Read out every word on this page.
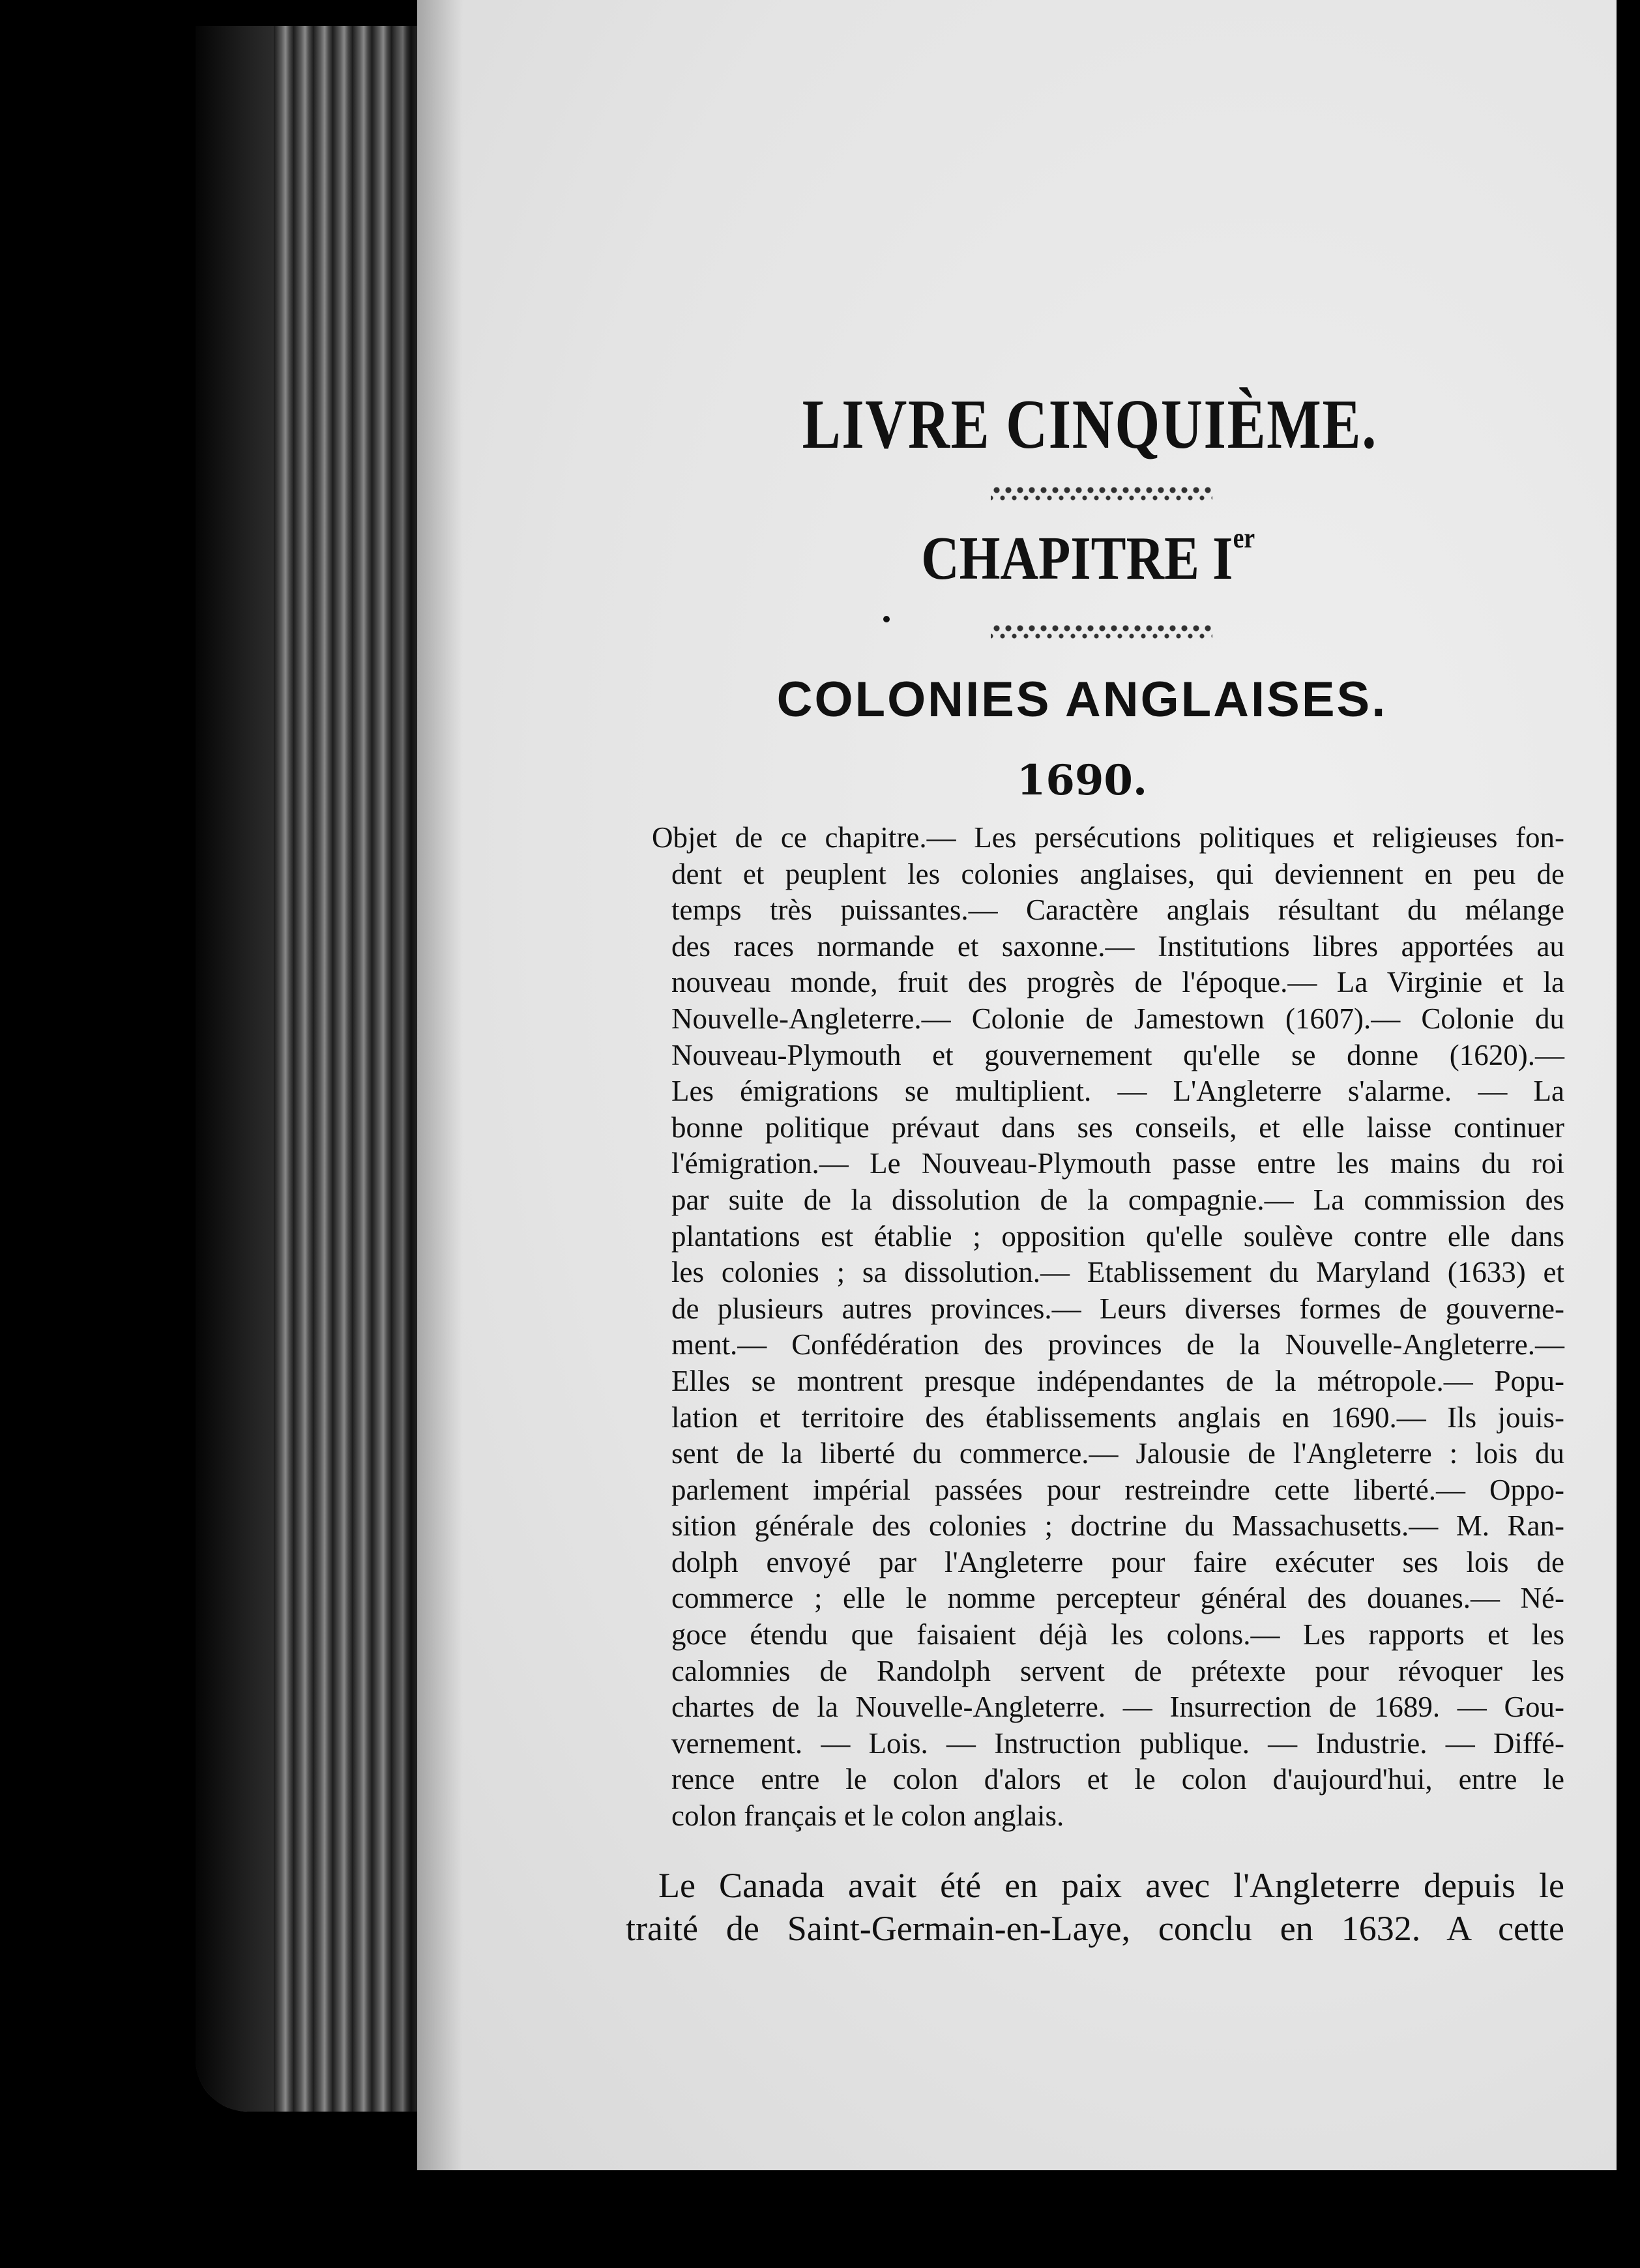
LIVRE CINQUIÈME.
CHAPITRE Ier
COLONIES ANGLAISES.
1690.
Objet de ce chapitre.— Les persécutions politiques et religieuses fon-
dent et peuplent les colonies anglaises, qui deviennent en peu de
temps très puissantes.— Caractère anglais résultant du mélange
des races normande et saxonne.— Institutions libres apportées au
nouveau monde, fruit des progrès de l'époque.— La Virginie et la
Nouvelle-Angleterre.— Colonie de Jamestown (1607).— Colonie du
Nouveau-Plymouth et gouvernement qu'elle se donne (1620).—
Les émigrations se multiplient. — L'Angleterre s'alarme. — La
bonne politique prévaut dans ses conseils, et elle laisse continuer
l'émigration.— Le Nouveau-Plymouth passe entre les mains du roi
par suite de la dissolution de la compagnie.— La commission des
plantations est établie ; opposition qu'elle soulève contre elle dans
les colonies ; sa dissolution.— Etablissement du Maryland (1633) et
de plusieurs autres provinces.— Leurs diverses formes de gouverne-
ment.— Confédération des provinces de la Nouvelle-Angleterre.—
Elles se montrent presque indépendantes de la métropole.— Popu-
lation et territoire des établissements anglais en 1690.— Ils jouis-
sent de la liberté du commerce.— Jalousie de l'Angleterre : lois du
parlement impérial passées pour restreindre cette liberté.— Oppo-
sition générale des colonies ; doctrine du Massachusetts.— M. Ran-
dolph envoyé par l'Angleterre pour faire exécuter ses lois de
commerce ; elle le nomme percepteur général des douanes.— Né-
goce étendu que faisaient déjà les colons.— Les rapports et les
calomnies de Randolph servent de prétexte pour révoquer les
chartes de la Nouvelle-Angleterre. — Insurrection de 1689. — Gou-
vernement. — Lois. — Instruction publique. — Industrie. — Diffé-
rence entre le colon d'alors et le colon d'aujourd'hui, entre le
colon français et le colon anglais.
Le Canada avait été en paix avec l'Angleterre depuis le
traité de Saint-Germain-en-Laye, conclu en 1632. A cette
